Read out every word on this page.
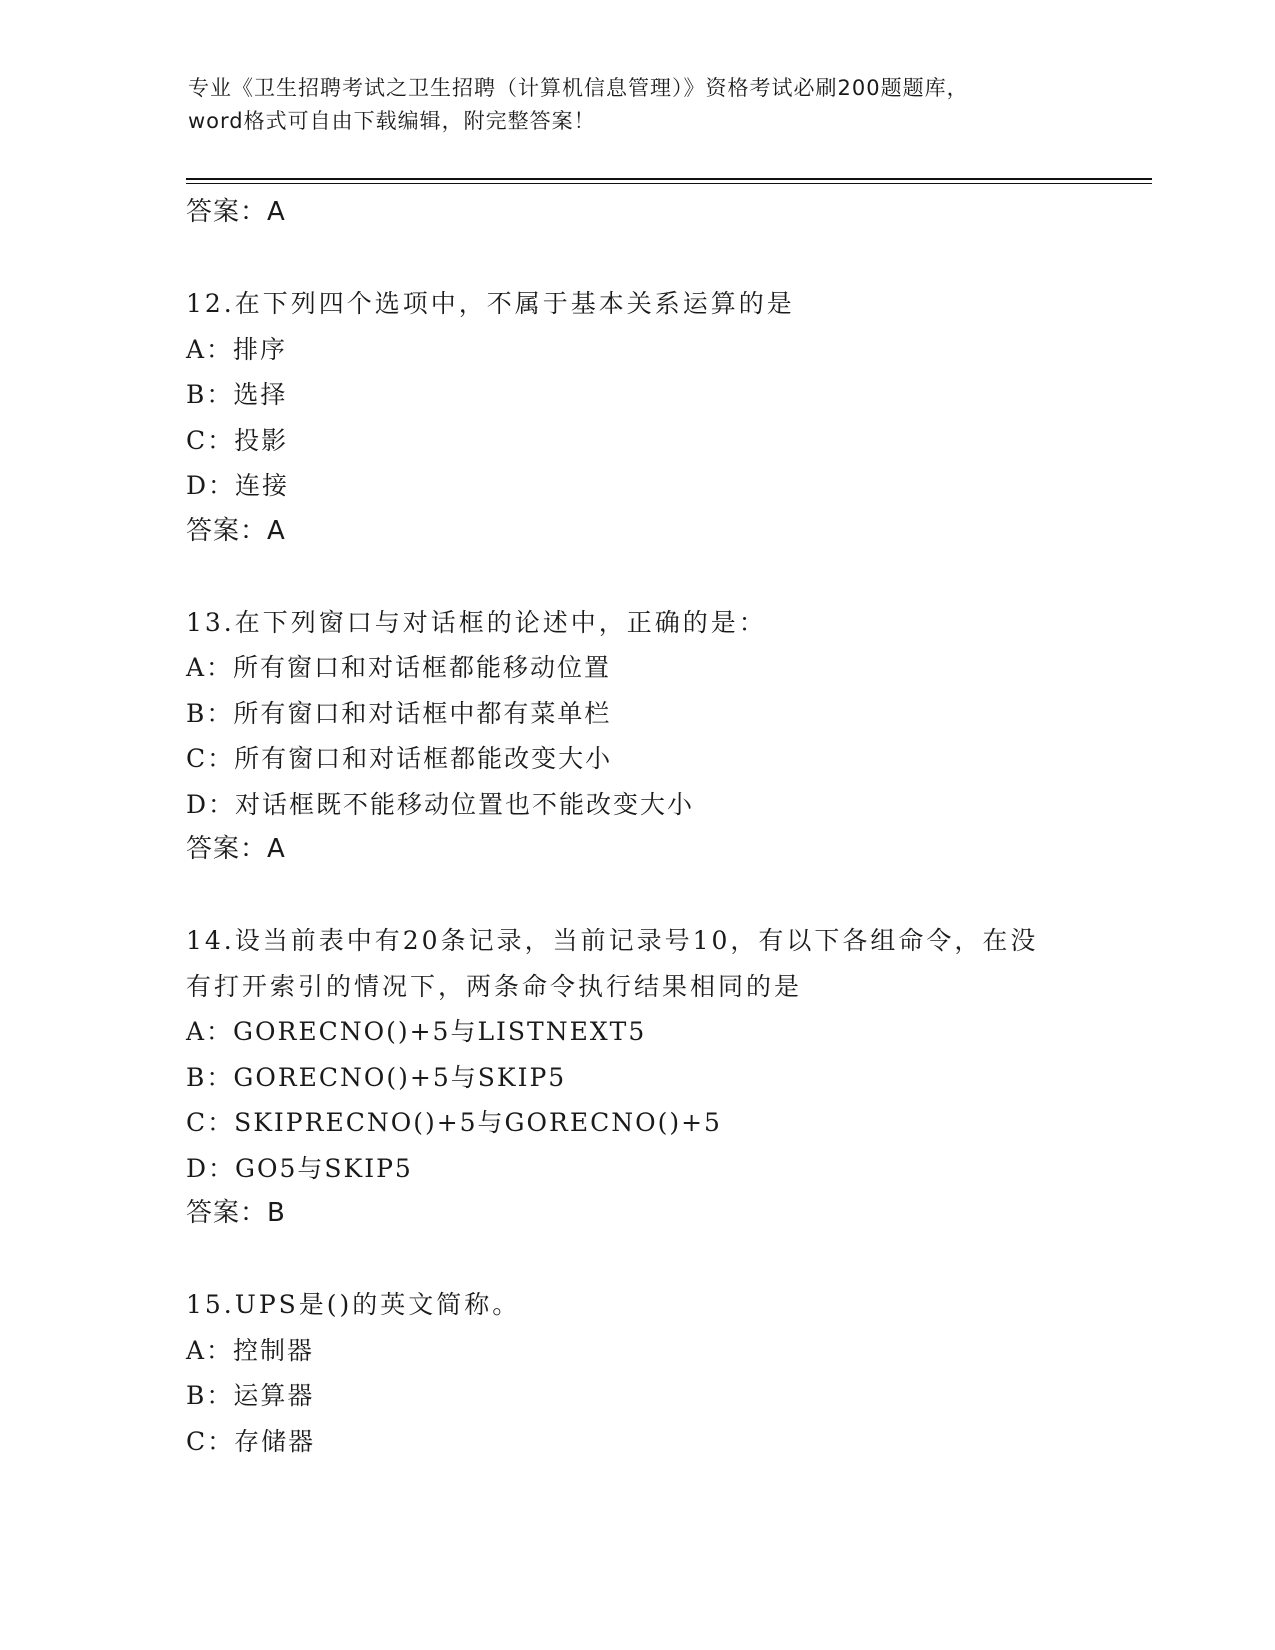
专业《卫生招聘考试之卫生招聘（计算机信息管理）》资格考试必刷200题题库，
word格式可自由下载编辑，附完整答案！
答案：A
12.在下列四个选项中，不属于基本关系运算的是
A：排序
B：选择
C：投影
D：连接
答案：A
13.在下列窗口与对话框的论述中，正确的是：
A：所有窗口和对话框都能移动位置
B：所有窗口和对话框中都有菜单栏
C：所有窗口和对话框都能改变大小
D：对话框既不能移动位置也不能改变大小
答案：A
14.设当前表中有20条记录，当前记录号10，有以下各组命令，在没
有打开索引的情况下，两条命令执行结果相同的是
A：GORECNO()+5与LISTNEXT5
B：GORECNO()+5与SKIP5
C：SKIPRECNO()+5与GORECNO()+5
D：GO5与SKIP5
答案：B
15.UPS是()的英文简称。
A：控制器
B：运算器
C：存储器
